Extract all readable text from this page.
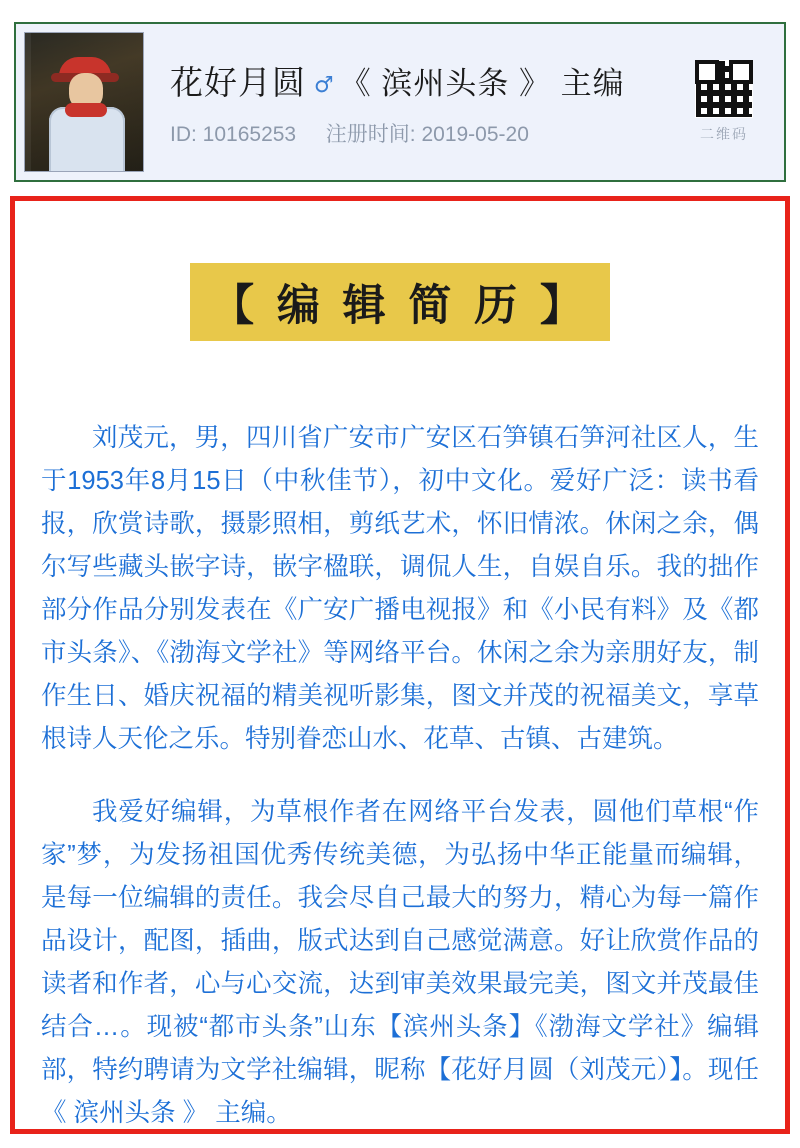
花好月圆 ♂ 《 滨州头条 》 主编
ID: 10165253 注册时间: 2019-05-20	二维码
【 编 辑 简 历 】

刘茂元，男，四川省广安市广安区石笋镇石笋河社区人，生于1953年8月15日（中秋佳节），初中文化。爱好广泛：读书看报，欣赏诗歌，摄影照相，剪纸艺术，怀旧情浓。休闲之余，偶尔写些藏头嵌字诗，嵌字楹联，调侃人生，自娱自乐。我的拙作部分作品分别发表在《广安广播电视报》和《小民有料》及《都市头条》、《渤海文学社》等网络平台。休闲之余为亲朋好友，制作生日、婚庆祝福的精美视听影集，图文并茂的祝福美文，享草根诗人天伦之乐。特别眷恋山水、花草、古镇、古建筑。

我爱好编辑，为草根作者在网络平台发表，圆他们草根“作家”梦，为发扬祖国优秀传统美德，为弘扬中华正能量而编辑，是每一位编辑的责任。我会尽自己最大的努力，精心为每一篇作品设计，配图，插曲，版式达到自己感觉满意。好让欣赏作品的读者和作者，心与心交流，达到审美效果最完美，图文并茂最佳结合…。现被“都市头条”山东【滨州头条】《渤海文学社》编辑部，特约聘请为文学社编辑，昵称【花好月圆（刘茂元）】。现任《 滨州头条 》 主编。
